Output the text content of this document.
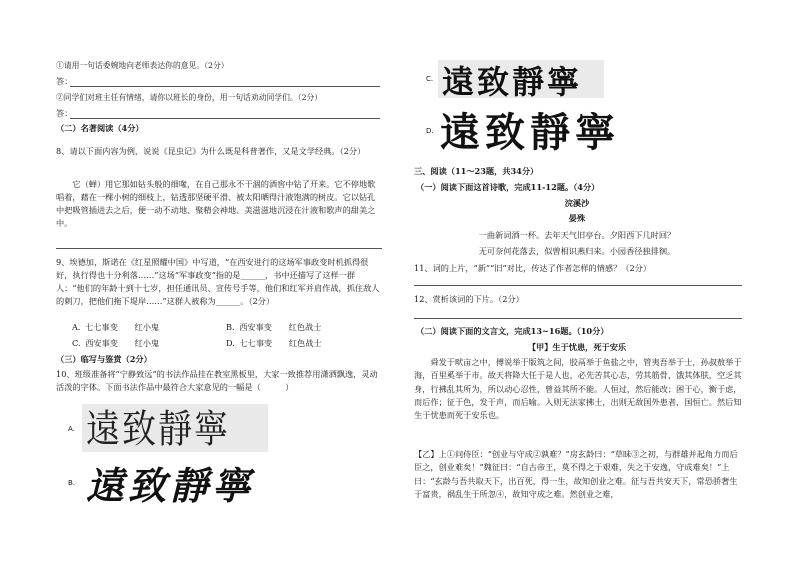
①请用一句话委婉地向老师表达你的意见。（2分）
答：
②同学们对班主任有情绪，请你以班长的身份，用一句话劝动同学们。（2分）
答：
（二）名著阅读（4分）
8、请以下面内容为例，说说《昆虫记》为什么既是科普著作，又是文学经典。（2分）
它（蝉）用它那如钻头般的细喙，在自己那永不干涸的酒窖中钻了开来。它不停地歌唱着，藉在一棵小树的细枝上，钻透那坚硬平滑、被太阳晒得汁液饱满的树皮。它以钻孔中把吸管插进去之后，便一动不动地、聚精会神地、美滋滋地沉浸在汁液和歌声的甜美之中。
9、埃德加，斯诺在《红星照耀中国》中写道，“在西安进行的这场军事政变时机抓得很好，执行得也十分利落……”这场“军事政变”指的是______，书中还描写了这样一群人：“他们的年龄十到十七岁，担任通讯员、宣传号手等，他们和红军并肩作战，抓住敌人的刺刀，把他们拖下堤岸……”这群人被称为______。（2分）
A. 七七事变 红小鬼	B. 西安事变 红色战士
C. 西安事变 红小鬼	D. 七七事变 红色战士
（三）临写与鉴赏（2分）
10、班级准备将“宁静致远”的书法作品挂在教室黑板里，大家一致推荐用潇洒飘逸，灵动活泼的字体。下面书法作品中最符合大家意见的一幅是（　　　）
A. 遠致靜寧
B. 遠致靜寧
C. 遠致靜寧
D. 遠致靜寧
三、阅读（11～23题，共34分）
（一）阅读下面这首诗歌，完成11-12题。（4分）
浣溪沙
晏殊
一曲新词酒一杯。去年天气旧亭台。夕阳西下几时回？
无可奈何花落去，似曾相识燕归来。小园香径独徘徊。
11、词的上片，“新”“旧”对比，传达了作者怎样的情感？（2分）
12、赏析该词的下片。（2分）
（二）阅读下面的文言文，完成13~16题。（10分）
【甲】生于忧患，死于安乐
舜发于畎亩之中，傅说举于版筑之间，胶鬲举于鱼盐之中，管夷吾举于士，孙叔敖举于海，百里奚举于市。故天将降大任于是人也，必先苦其心志，劳其筋骨，饿其体肤，空乏其身，行拂乱其所为，所以动心忍性，曾益其所不能。人恒过，然后能改；困于心，衡于虑，而后作；征于色，发于声，而后喻。入则无法家拂士，出则无敌国外患者，国恒亡。然后知生于忧患而死于安乐也。
【乙】上①问侍臣：“创业与守成②孰难？”房玄龄曰：“草昧③之初，与群雄并起角力而后臣之，创业难矣！”魏征曰：“自古帝王，莫不得之于艰难，失之于安逸，守成难矣！”上曰：“玄龄与吾共取天下，出百死，得一生，故知创业之难。征与吾共安天下，常恐骄奢生于富贵，祸乱生于所忽④，故知守成之难。然创业之难，
